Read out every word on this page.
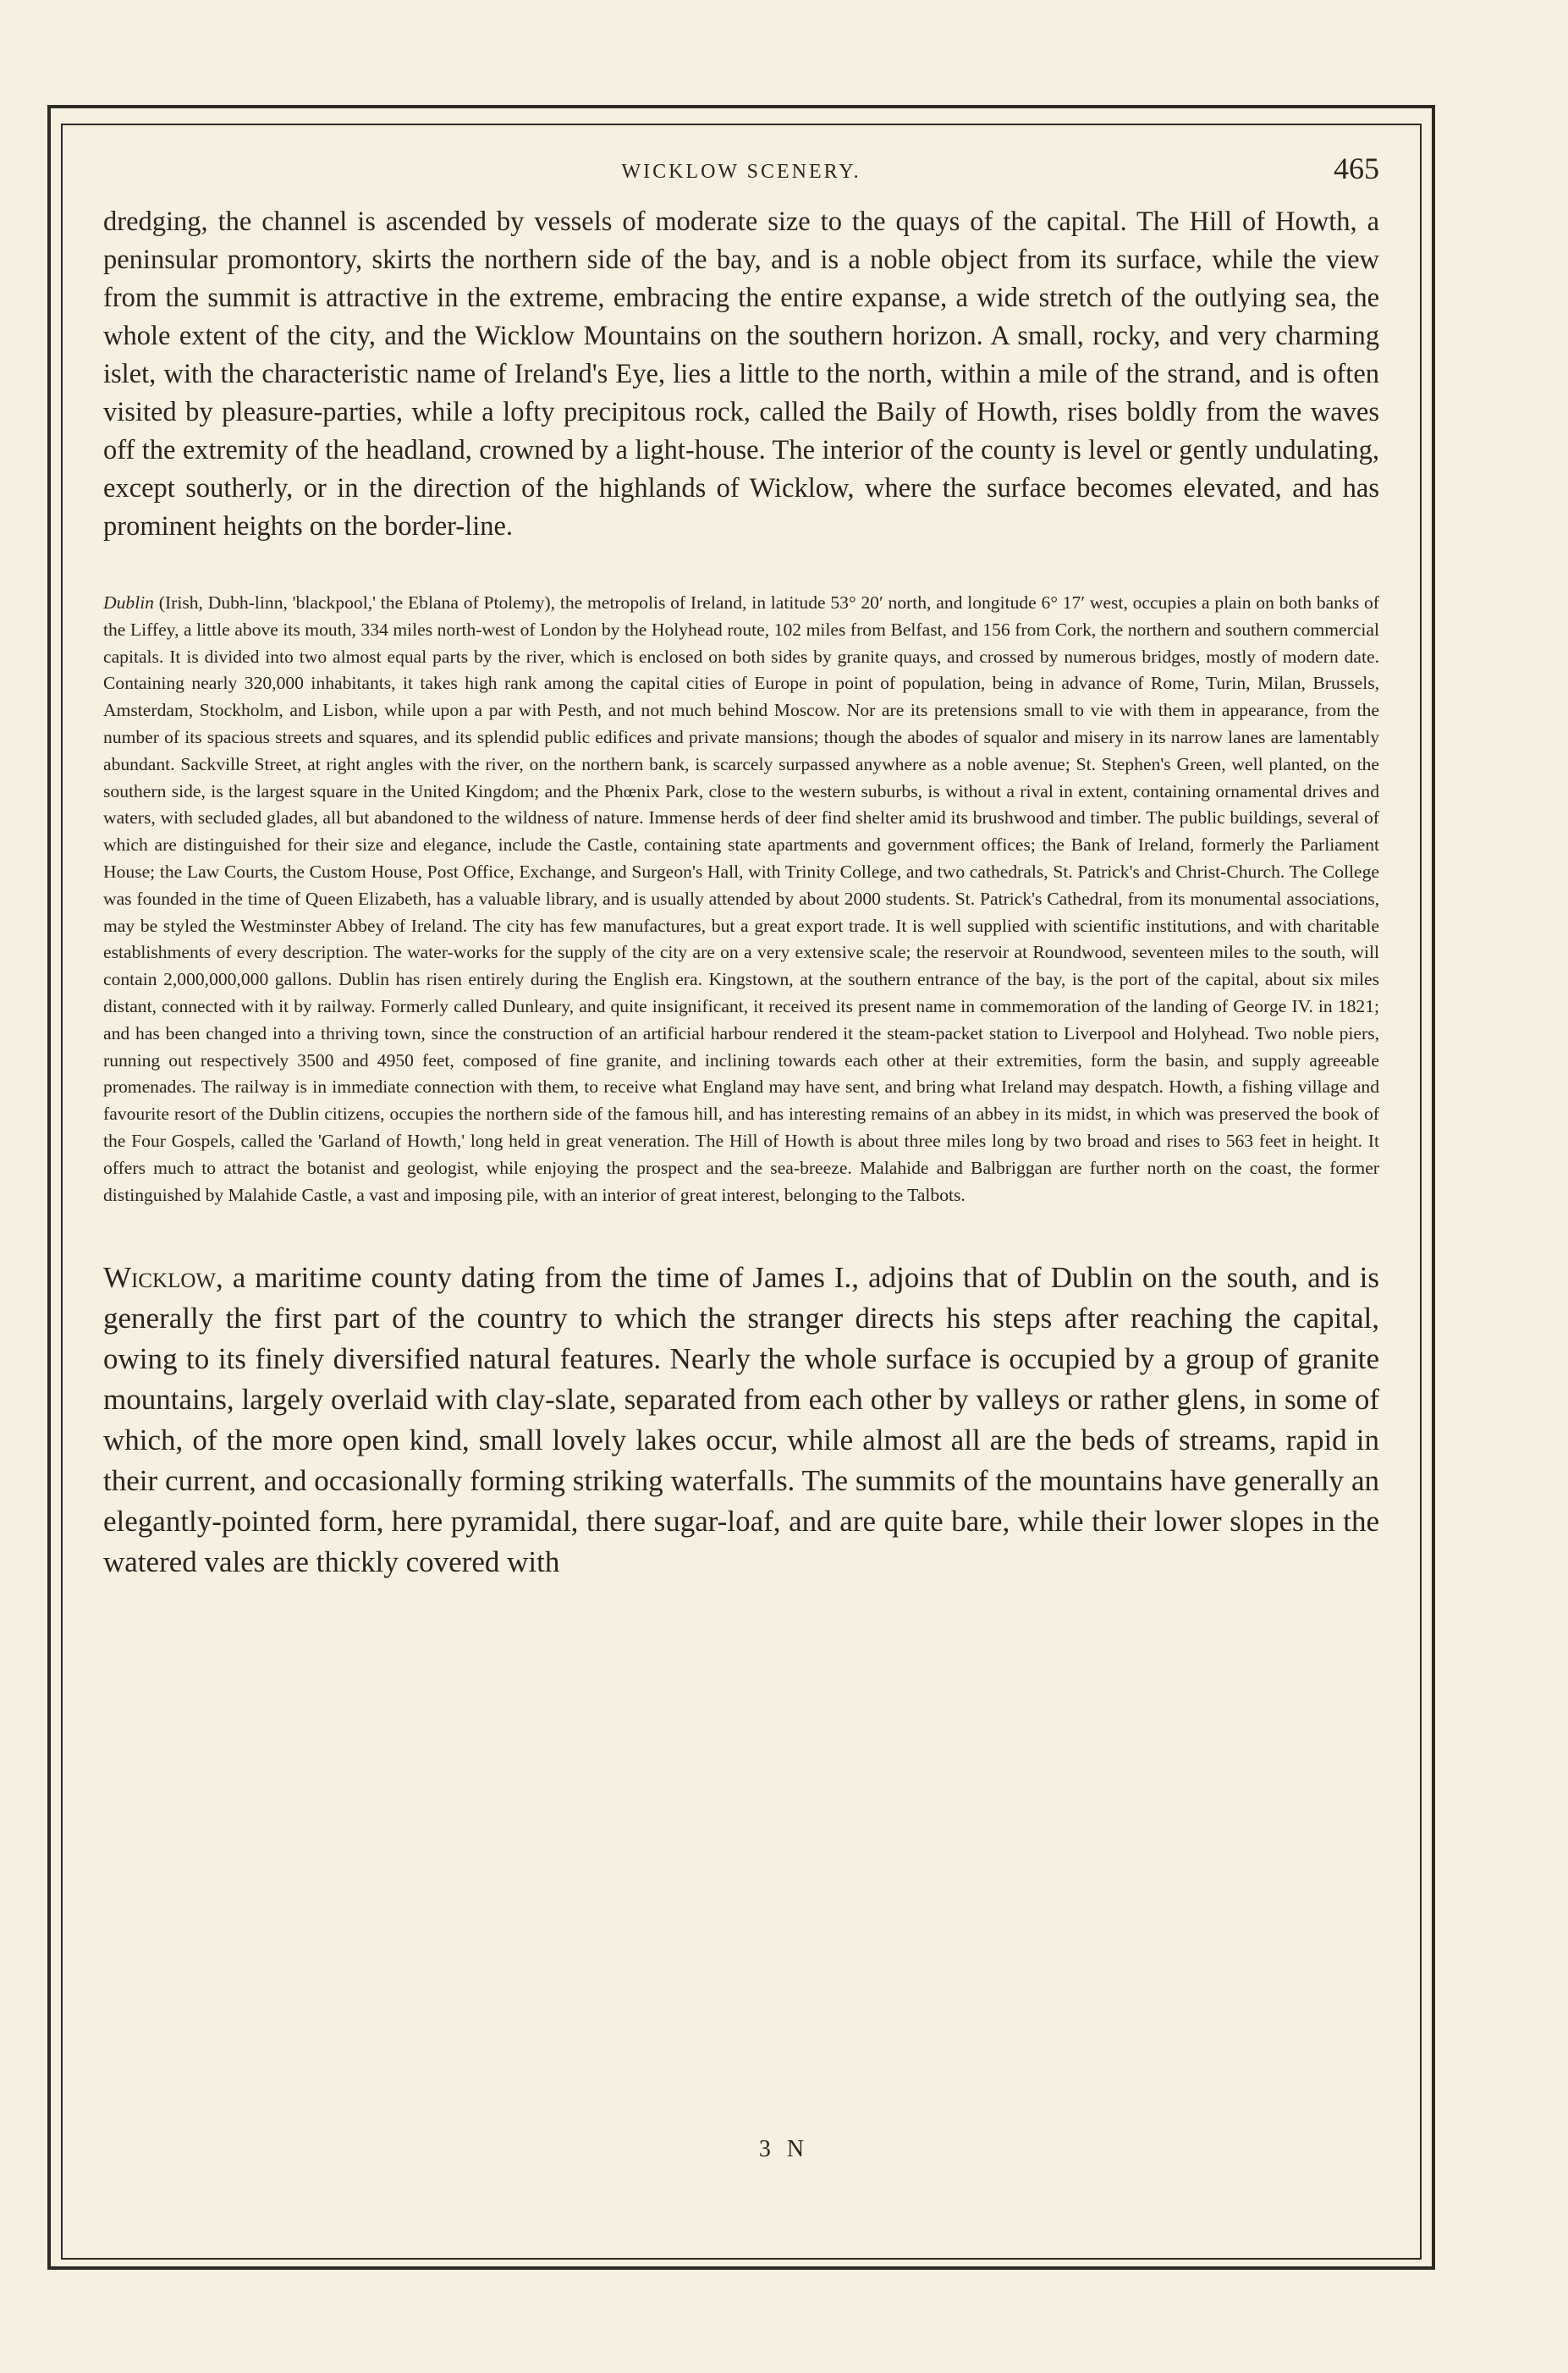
WICKLOW SCENERY.	465

dredging, the channel is ascended by vessels of moderate size to the quays of the capital. The Hill of Howth, a peninsular promontory, skirts the northern side of the bay, and is a noble object from its surface, while the view from the summit is attractive in the extreme, embracing the entire expanse, a wide stretch of the outlying sea, the whole extent of the city, and the Wicklow Mountains on the southern horizon. A small, rocky, and very charming islet, with the characteristic name of Ireland's Eye, lies a little to the north, within a mile of the strand, and is often visited by pleasure-parties, while a lofty precipitous rock, called the Baily of Howth, rises boldly from the waves off the extremity of the headland, crowned by a light-house. The interior of the county is level or gently undulating, except southerly, or in the direction of the highlands of Wicklow, where the surface becomes elevated, and has prominent heights on the border-line.

Dublin (Irish, Dubh-linn, 'blackpool,' the Eblana of Ptolemy), the metropolis of Ireland, in latitude 53° 20′ north, and longitude 6° 17′ west, occupies a plain on both banks of the Liffey, a little above its mouth, 334 miles north-west of London by the Holyhead route, 102 miles from Belfast, and 156 from Cork, the northern and southern commercial capitals. It is divided into two almost equal parts by the river, which is enclosed on both sides by granite quays, and crossed by numerous bridges, mostly of modern date. Containing nearly 320,000 inhabitants, it takes high rank among the capital cities of Europe in point of population, being in advance of Rome, Turin, Milan, Brussels, Amsterdam, Stockholm, and Lisbon, while upon a par with Pesth, and not much behind Moscow. Nor are its pretensions small to vie with them in appearance, from the number of its spacious streets and squares, and its splendid public edifices and private mansions; though the abodes of squalor and misery in its narrow lanes are lamentably abundant. Sackville Street, at right angles with the river, on the northern bank, is scarcely surpassed anywhere as a noble avenue; St. Stephen's Green, well planted, on the southern side, is the largest square in the United Kingdom; and the Phœnix Park, close to the western suburbs, is without a rival in extent, containing ornamental drives and waters, with secluded glades, all but abandoned to the wildness of nature. Immense herds of deer find shelter amid its brushwood and timber. The public buildings, several of which are distinguished for their size and elegance, include the Castle, containing state apartments and government offices; the Bank of Ireland, formerly the Parliament House; the Law Courts, the Custom House, Post Office, Exchange, and Surgeon's Hall, with Trinity College, and two cathedrals, St. Patrick's and Christ-Church. The College was founded in the time of Queen Elizabeth, has a valuable library, and is usually attended by about 2000 students. St. Patrick's Cathedral, from its monumental associations, may be styled the Westminster Abbey of Ireland. The city has few manufactures, but a great export trade. It is well supplied with scientific institutions, and with charitable establishments of every description. The water-works for the supply of the city are on a very extensive scale; the reservoir at Roundwood, seventeen miles to the south, will contain 2,000,000,000 gallons. Dublin has risen entirely during the English era. Kingstown, at the southern entrance of the bay, is the port of the capital, about six miles distant, connected with it by railway. Formerly called Dunleary, and quite insignificant, it received its present name in commemoration of the landing of George IV. in 1821; and has been changed into a thriving town, since the construction of an artificial harbour rendered it the steam-packet station to Liverpool and Holyhead. Two noble piers, running out respectively 3500 and 4950 feet, composed of fine granite, and inclining towards each other at their extremities, form the basin, and supply agreeable promenades. The railway is in immediate connection with them, to receive what England may have sent, and bring what Ireland may despatch. Howth, a fishing village and favourite resort of the Dublin citizens, occupies the northern side of the famous hill, and has interesting remains of an abbey in its midst, in which was preserved the book of the Four Gospels, called the 'Garland of Howth,' long held in great veneration. The Hill of Howth is about three miles long by two broad and rises to 563 feet in height. It offers much to attract the botanist and geologist, while enjoying the prospect and the sea-breeze. Malahide and Balbriggan are further north on the coast, the former distinguished by Malahide Castle, a vast and imposing pile, with an interior of great interest, belonging to the Talbots.

Wicklow, a maritime county dating from the time of James I., adjoins that of Dublin on the south, and is generally the first part of the country to which the stranger directs his steps after reaching the capital, owing to its finely diversified natural features. Nearly the whole surface is occupied by a group of granite mountains, largely overlaid with clay-slate, separated from each other by valleys or rather glens, in some of which, of the more open kind, small lovely lakes occur, while almost all are the beds of streams, rapid in their current, and occasionally forming striking waterfalls. The summits of the mountains have generally an elegantly-pointed form, here pyramidal, there sugar-loaf, and are quite bare, while their lower slopes in the watered vales are thickly covered with

3 N
